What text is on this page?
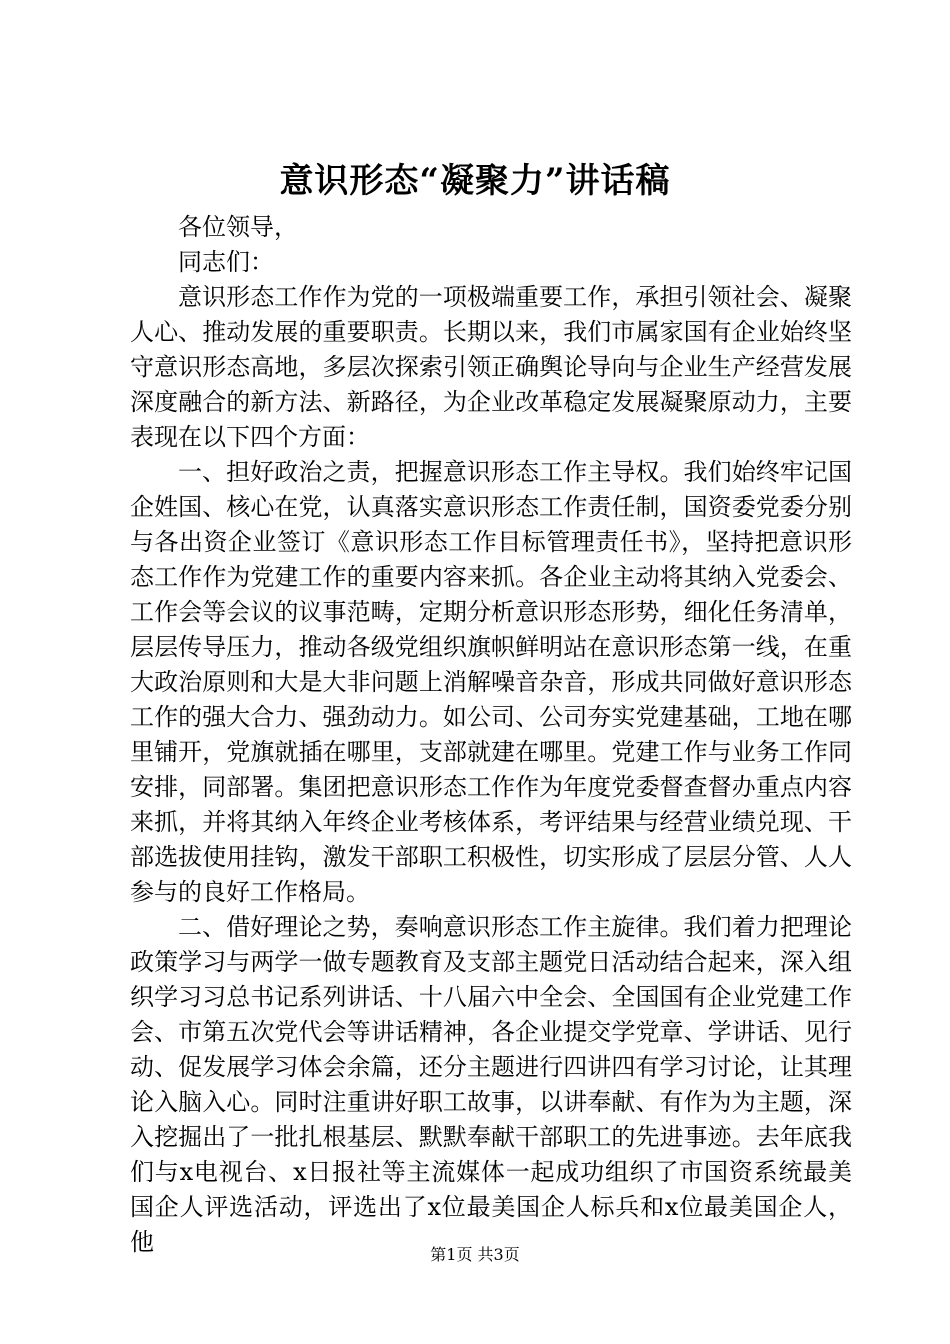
意识形态“凝聚力”讲话稿

各位领导，

同志们：

意识形态工作作为党的一项极端重要工作，承担引领社会、凝聚人心、推动发展的重要职责。长期以来，我们市属家国有企业始终坚守意识形态高地，多层次探索引领正确舆论导向与企业生产经营发展深度融合的新方法、新路径，为企业改革稳定发展凝聚原动力，主要表现在以下四个方面：

一、担好政治之责，把握意识形态工作主导权。我们始终牢记国企姓国、核心在党，认真落实意识形态工作责任制，国资委党委分别与各出资企业签订《意识形态工作目标管理责任书》，坚持把意识形态工作作为党建工作的重要内容来抓。各企业主动将其纳入党委会、工作会等会议的议事范畴，定期分析意识形态形势，细化任务清单，层层传导压力，推动各级党组织旗帜鲜明站在意识形态第一线，在重大政治原则和大是大非问题上消解噪音杂音，形成共同做好意识形态工作的强大合力、强劲动力。如公司、公司夯实党建基础，工地在哪里铺开，党旗就插在哪里，支部就建在哪里。党建工作与业务工作同安排，同部署。集团把意识形态工作作为年度党委督查督办重点内容来抓，并将其纳入年终企业考核体系，考评结果与经营业绩兑现、干部选拔使用挂钩，激发干部职工积极性，切实形成了层层分管、人人参与的良好工作格局。

二、借好理论之势，奏响意识形态工作主旋律。我们着力把理论政策学习与两学一做专题教育及支部主题党日活动结合起来，深入组织学习习总书记系列讲话、十八届六中全会、全国国有企业党建工作会、市第五次党代会等讲话精神，各企业提交学党章、学讲话、见行动、促发展学习体会余篇，还分主题进行四讲四有学习讨论，让其理论入脑入心。同时注重讲好职工故事，以讲奉献、有作为为主题，深入挖掘出了一批扎根基层、默默奉献干部职工的先进事迹。去年底我们与x电视台、x日报社等主流媒体一起成功组织了市国资系统最美国企人评选活动，评选出了x位最美国企人标兵和x位最美国企人，他	第1页 共3页
